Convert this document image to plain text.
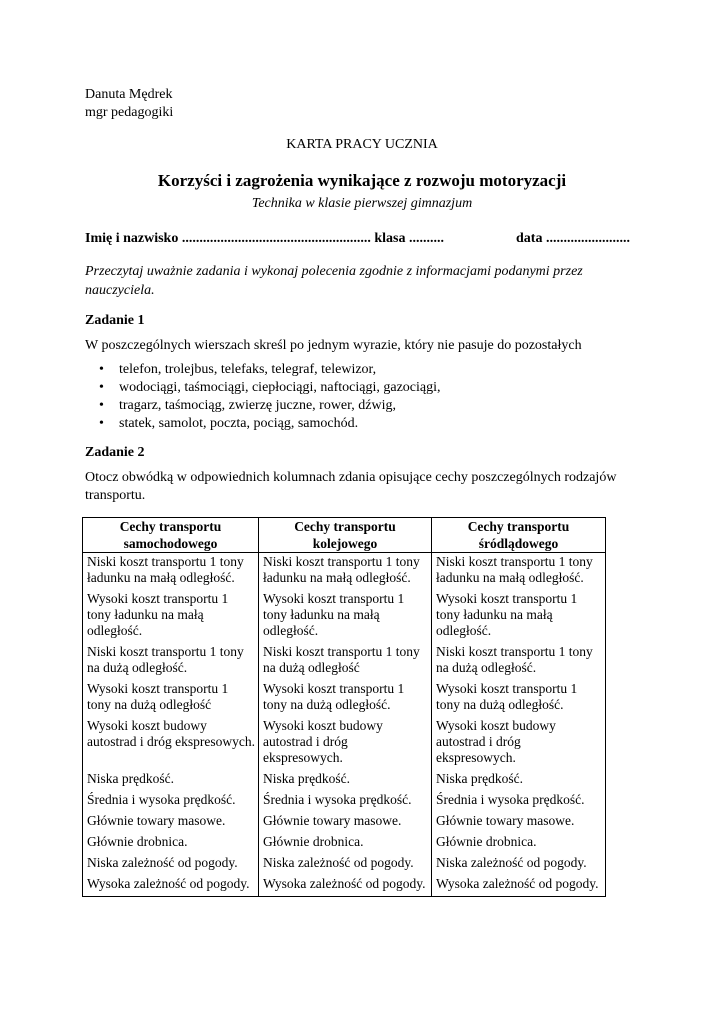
Danuta Mędrek
mgr pedagogiki
KARTA PRACY UCZNIA
Korzyści i zagrożenia wynikające z rozwoju motoryzacji
Technika w klasie pierwszej gimnazjum
Imię i nazwisko ...................................................... klasa ..........	data ........................
Przeczytaj uważnie zadania i wykonaj polecenia zgodnie z informacjami podanymi przez nauczyciela.
Zadanie 1
W poszczególnych wierszach skreśl po jednym wyrazie, który nie pasuje do pozostałych
• telefon, trolejbus, telefaks, telegraf, telewizor,
• wodociągi, taśmociągi, ciepłociągi, naftociągi, gazociągi,
• tragarz, taśmociąg, zwierzę juczne, rower, dźwig,
• statek, samolot, poczta, pociąg, samochód.
Zadanie 2
Otocz obwódką w odpowiednich kolumnach zdania opisujące cechy poszczególnych rodzajów transportu.
Cechy transportu samochodowego	Cechy transportu kolejowego	Cechy transportu śródlądowego
Niski koszt transportu 1 tony ładunku na małą odległość.	Niski koszt transportu 1 tony ładunku na małą odległość.	Niski koszt transportu 1 tony ładunku na małą odległość.
Wysoki koszt transportu 1 tony ładunku na małą odległość.	Wysoki koszt transportu 1 tony ładunku na małą odległość.	Wysoki koszt transportu 1 tony ładunku na małą odległość.
Niski koszt transportu 1 tony na dużą odległość.	Niski koszt transportu 1 tony na dużą odległość	Niski koszt transportu 1 tony na dużą odległość.
Wysoki koszt transportu 1 tony na dużą odległość	Wysoki koszt transportu 1 tony na dużą odległość.	Wysoki koszt transportu 1 tony na dużą odległość.
Wysoki koszt budowy autostrad i dróg ekspresowych.	Wysoki koszt budowy autostrad i dróg ekspresowych.	Wysoki koszt budowy autostrad i dróg ekspresowych.
Niska prędkość.	Niska prędkość.	Niska prędkość.
Średnia i wysoka prędkość.	Średnia i wysoka prędkość.	Średnia i wysoka prędkość.
Głównie towary masowe.	Głównie towary masowe.	Głównie towary masowe.
Głównie drobnica.	Głównie drobnica.	Głównie drobnica.
Niska zależność od pogody.	Niska zależność od pogody.	Niska zależność od pogody.
Wysoka zależność od pogody.	Wysoka zależność od pogody.	Wysoka zależność od pogody.
